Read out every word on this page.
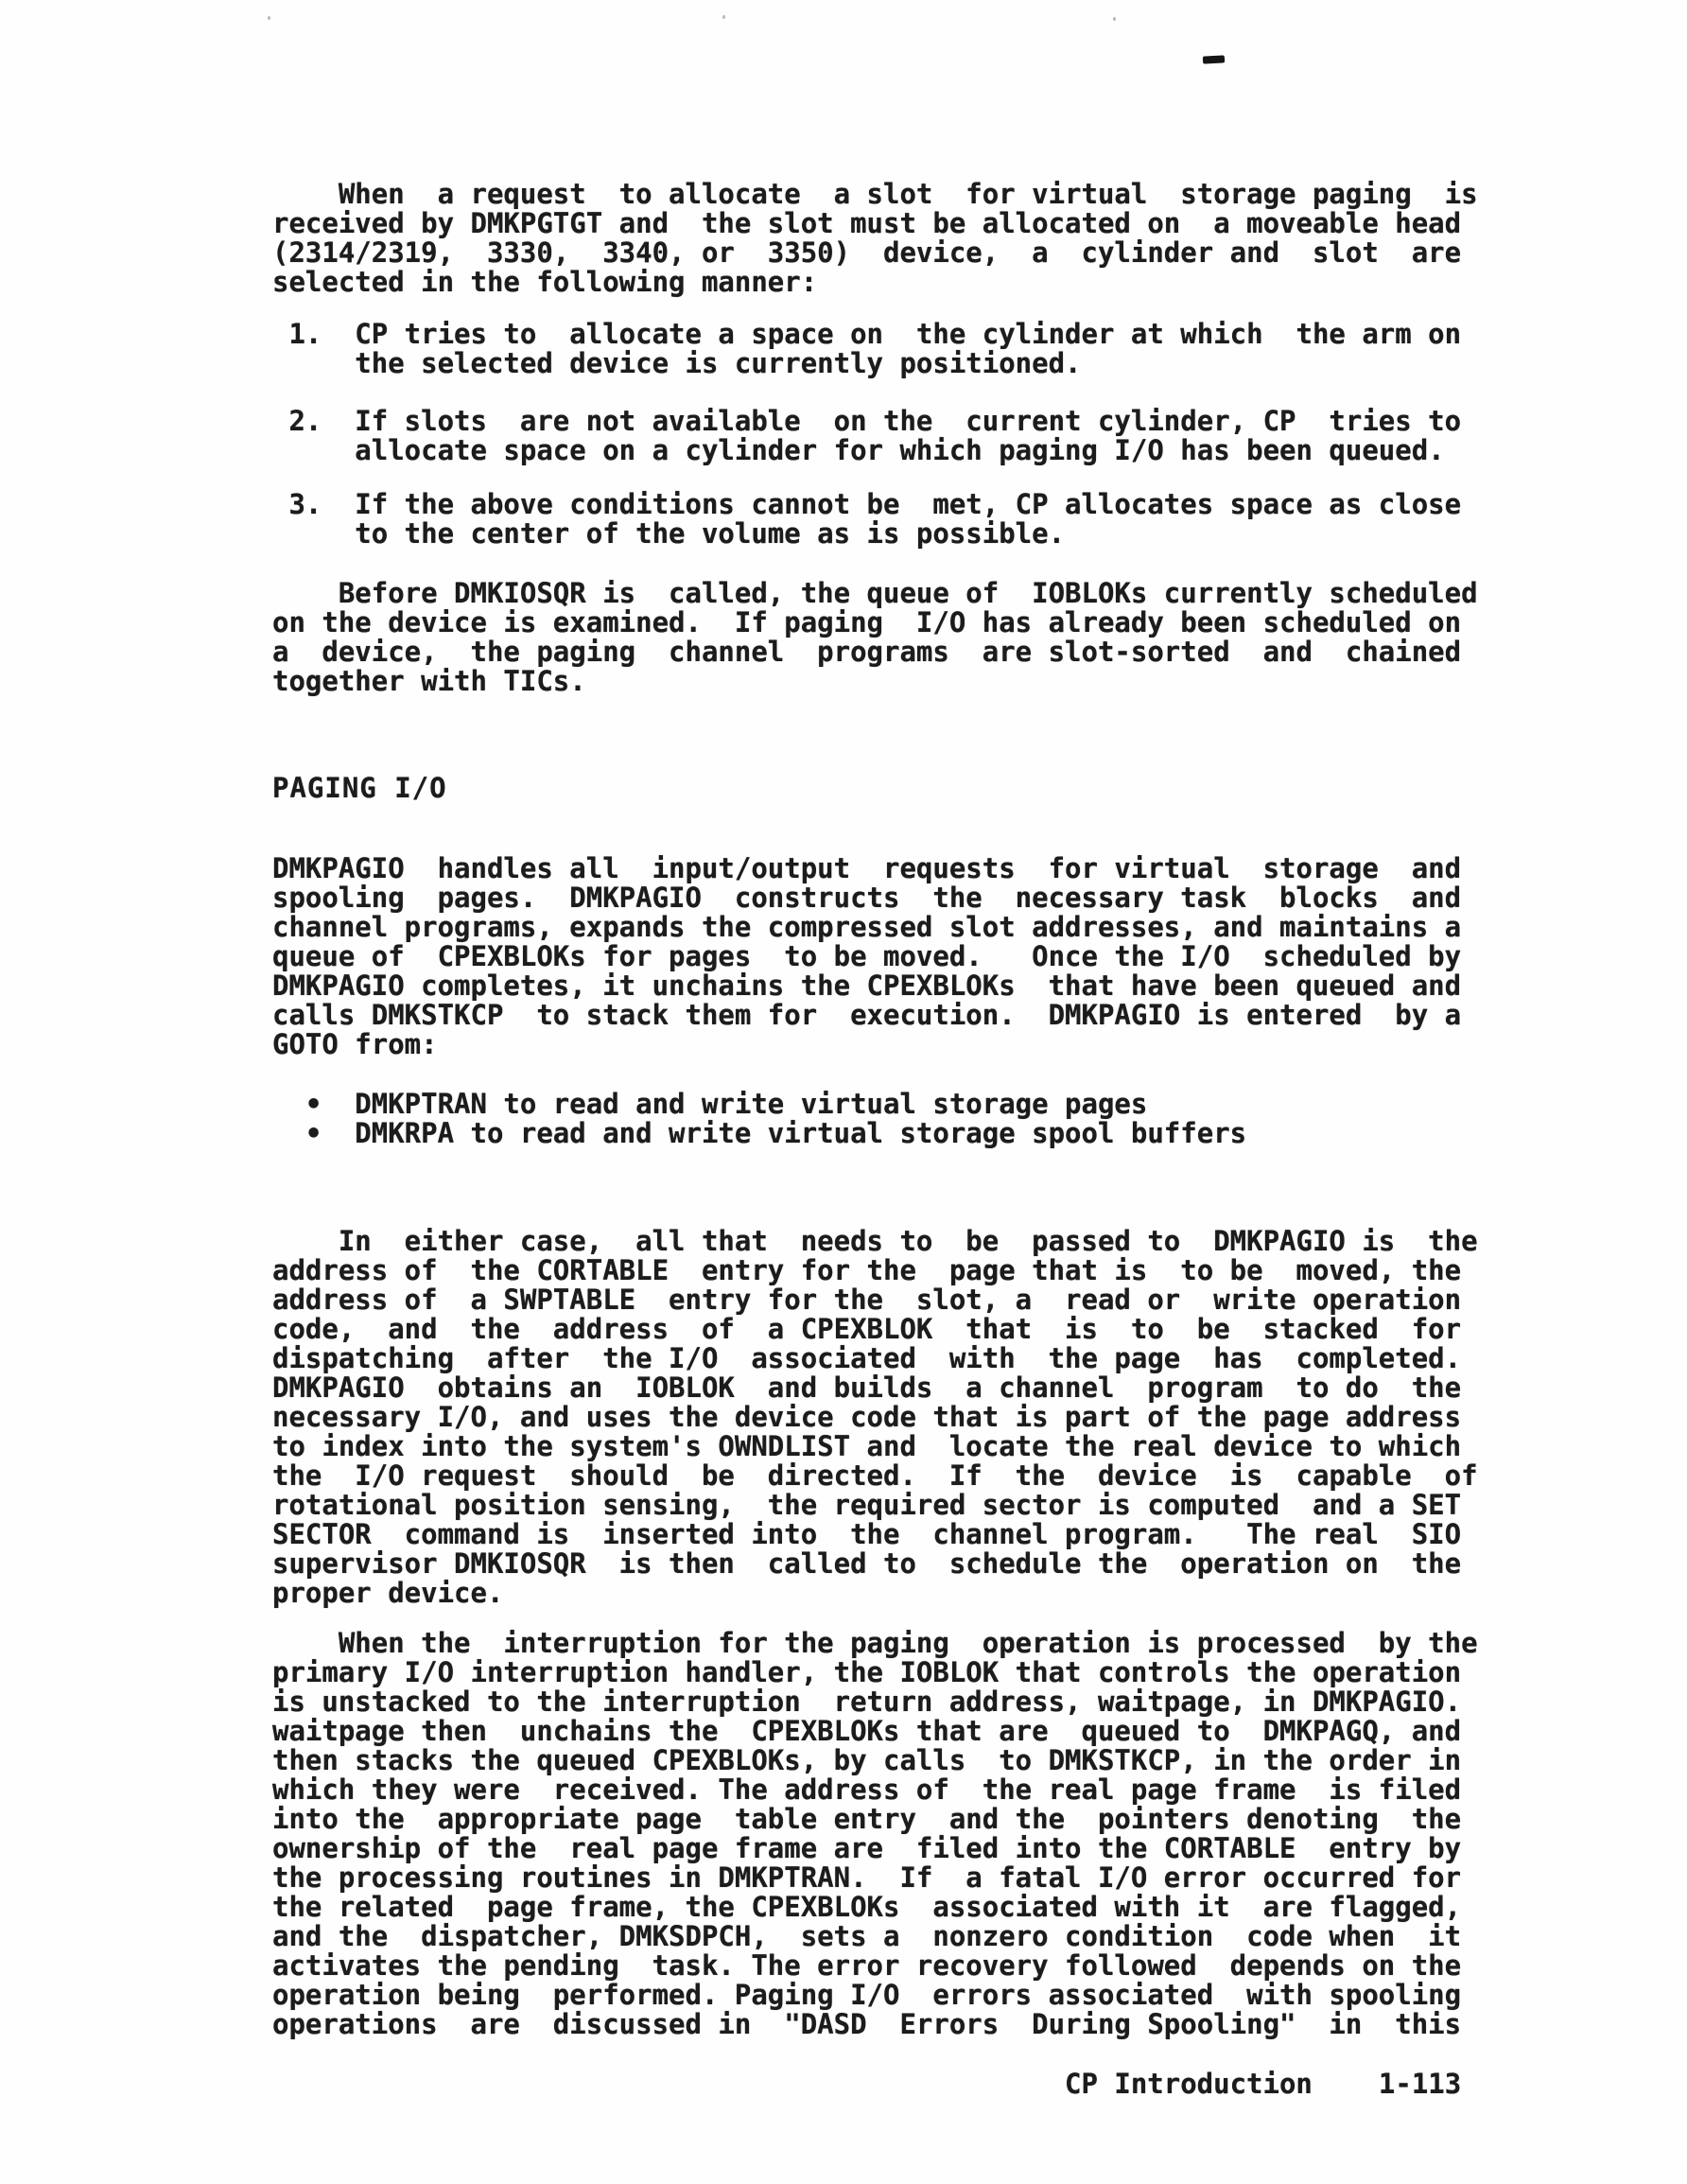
When  a request  to allocate  a slot  for virtual  storage paging  is
received by DMKPGTGT and  the slot must be allocated on  a moveable head
(2314/2319,  3330,  3340, or  3350)  device,  a  cylinder and  slot  are
selected in the following manner:
1.  CP tries to  allocate a space on  the cylinder at which  the arm on
the selected device is currently positioned.
2.  If slots  are not available  on the  current cylinder, CP  tries to
allocate space on a cylinder for which paging I/O has been queued.
3.  If the above conditions cannot be  met, CP allocates space as close
to the center of the volume as is possible.
Before DMKIOSQR is  called, the queue of  IOBLOKs currently scheduled
on the device is examined.  If paging  I/O has already been scheduled on
a  device,  the paging  channel  programs  are slot-sorted  and  chained
together with TICs.
PAGING I/O
DMKPAGIO  handles all  input/output  requests  for virtual  storage  and
spooling  pages.  DMKPAGIO  constructs  the  necessary task  blocks  and
channel programs, expands the compressed slot addresses, and maintains a
queue of  CPEXBLOKs for pages  to be moved.   Once the I/O  scheduled by
DMKPAGIO completes, it unchains the CPEXBLOKs  that have been queued and
calls DMKSTKCP  to stack them for  execution.  DMKPAGIO is entered  by a
GOTO from:
•  DMKPTRAN to read and write virtual storage pages
•  DMKRPA to read and write virtual storage spool buffers
In  either case,  all that  needs to  be  passed to  DMKPAGIO is  the
address of  the CORTABLE  entry for the  page that is  to be  moved, the
address of  a SWPTABLE  entry for the  slot, a  read or  write operation
code,  and  the  address  of  a CPEXBLOK  that  is  to  be  stacked  for
dispatching  after  the I/O  associated  with  the page  has  completed.
DMKPAGIO  obtains an  IOBLOK  and builds  a channel  program  to do  the
necessary I/O, and uses the device code that is part of the page address
to index into the system's OWNDLIST and  locate the real device to which
the  I/O request  should  be  directed.  If  the  device  is  capable  of
rotational position sensing,  the required sector is computed  and a SET
SECTOR  command is  inserted into  the  channel program.   The real  SIO
supervisor DMKIOSQR  is then  called to  schedule the  operation on  the
proper device.
When the  interruption for the paging  operation is processed  by the
primary I/O interruption handler, the IOBLOK that controls the operation
is unstacked to the interruption  return address, waitpage, in DMKPAGIO.
waitpage then  unchains the  CPEXBLOKs that are  queued to  DMKPAGQ, and
then stacks the queued CPEXBLOKs, by calls  to DMKSTKCP, in the order in
which they were  received. The address of  the real page frame  is filed
into the  appropriate page  table entry  and the  pointers denoting  the
ownership of the  real page frame are  filed into the CORTABLE  entry by
the processing routines in DMKPTRAN.  If  a fatal I/O error occurred for
the related  page frame, the CPEXBLOKs  associated with it  are flagged,
and the  dispatcher, DMKSDPCH,  sets a  nonzero condition  code when  it
activates the pending  task. The error recovery followed  depends on the
operation being  performed. Paging I/O  errors associated  with spooling
operations  are  discussed in  "DASD  Errors  During Spooling"  in  this
CP Introduction 1-113
